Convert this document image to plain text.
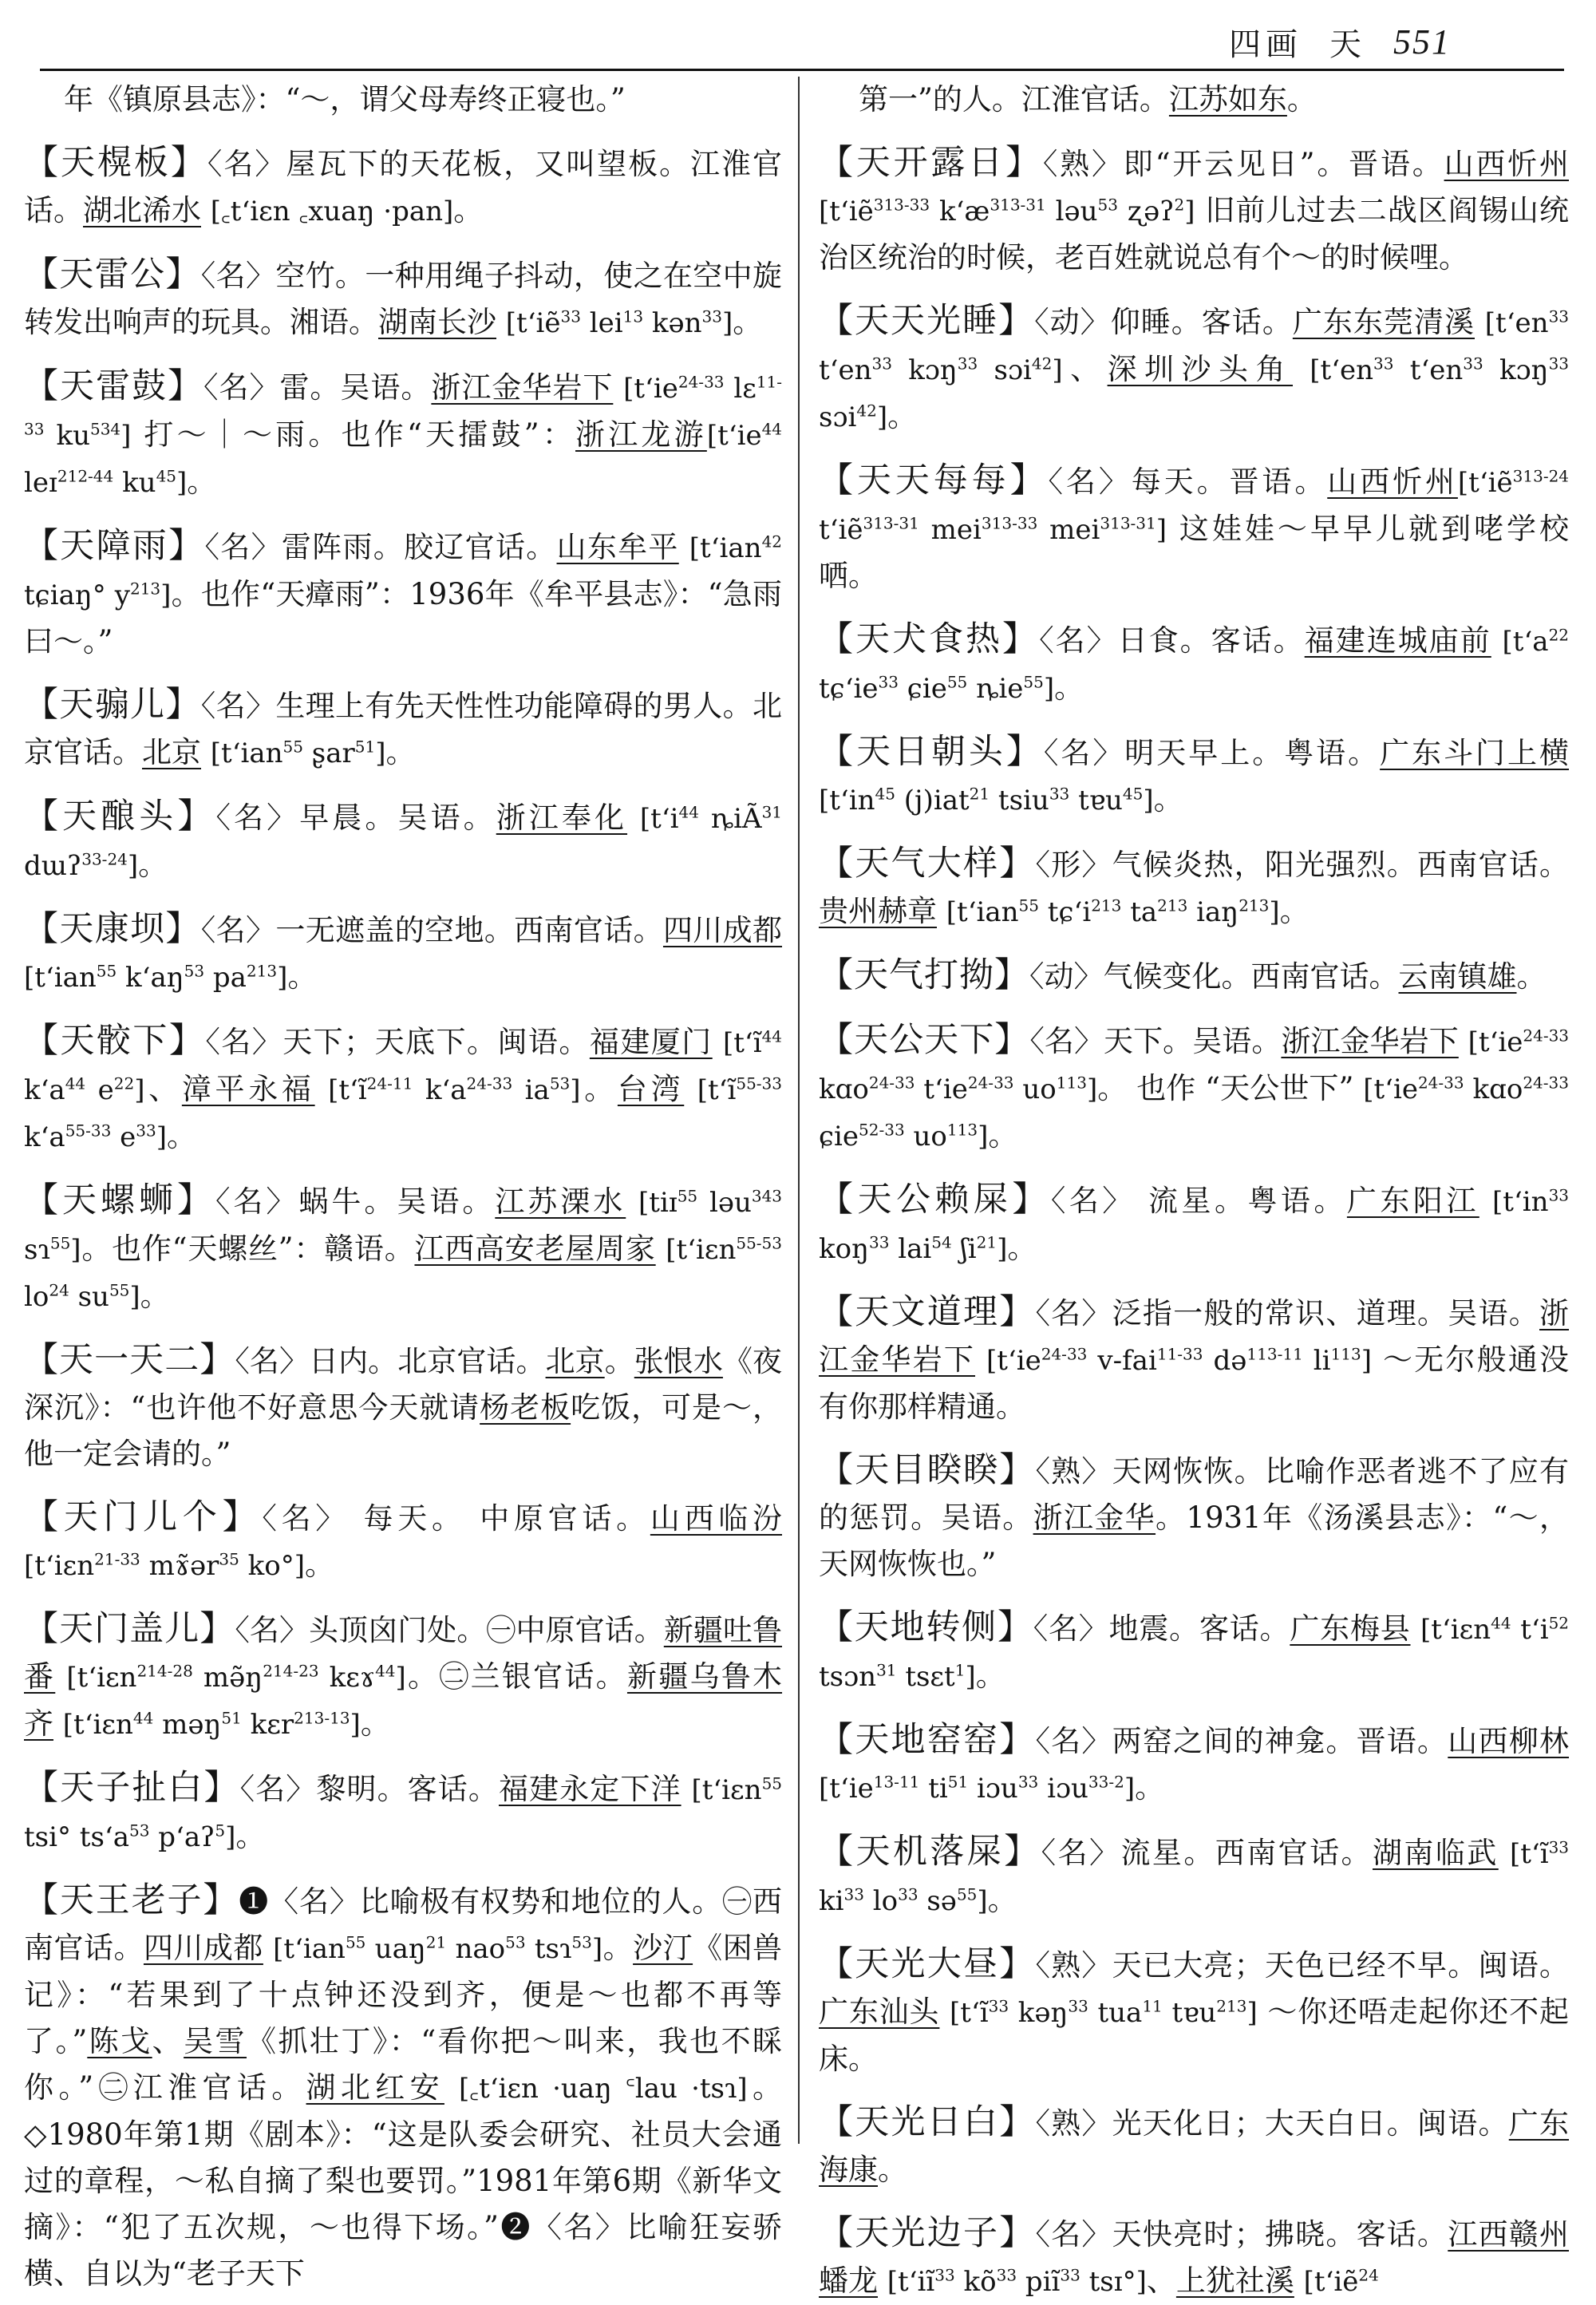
四画 天 551

年《镇原县志》：“～，谓父母寿终正寝也。”

【天榥板】〈名〉屋瓦下的天花板，又叫望板。江淮官话。湖北浠水 [꜀t‘iɛn ꜀xuaŋ ·pan]。

【天雷公】〈名〉空竹。一种用绳子抖动，使之在空中旋转发出响声的玩具。湘语。湖南长沙 [t‘iẽ$^{33}$ lei$^{13}$ kən$^{33}$]。

【天雷鼓】〈名〉雷。吴语。浙江金华岩下 [$t‘ie^{24-33}$ lɛ$^{11-33}$ $ku^{534}$] 打～｜～雨。也作“天擂鼓”：浙江龙游[$t‘ie^{44}$ leɪ$^{212-44}$ $ku^{45}$]。

【天障雨】〈名〉雷阵雨。胶辽官话。山东牟平 [t‘ian$^{42}$ tɕiaŋ° $y^{213}$]。也作“天瘴雨”：1936年《牟平县志》：“急雨曰～。”

【天骟儿】〈名〉生理上有先天性性功能障碍的男人。北京官话。北京 [t‘ian$^{55}$ ʂar$^{51}$]。

【天酿头】〈名〉早晨。吴语。浙江奉化 [$t‘i^{44}$ ȵiÃ$^{31}$ dɯʔ$^{33-24}$]。

【天康坝】〈名〉一无遮盖的空地。西南官话。四川成都 [t‘ian$^{55}$ $k‘aŋ^{53}$ $pa^{213}$]。

【天骹下】〈名〉天下；天底下。闽语。福建厦门 [$t‘ĩ^{44}$ $k‘a^{44}$ $e^{22}$]、漳平永福 [$t‘ĩ^{24-11}$ $k‘a^{24-33}$ $ia^{53}$]。台湾 [$t‘ĩ^{55-33}$ $k‘a^{55-33}$ $e^{33}$]。

【天螺蛳】〈名〉蜗牛。吴语。江苏溧水 [tiɪ$^{55}$ ləu$^{343}$ sɿ$^{55}$]。也作“天螺丝”：赣语。江西高安老屋周家 [t‘iɛn$^{55-53}$ $lo^{24}$ $su^{55}$]。

【天一天二】〈名〉日内。北京官话。北京。张恨水《夜深沉》：“也许他不好意思今天就请杨老板吃饭，可是～，他一定会请的。”

【天门儿个】〈名〉 每天。 中原官话。山西临汾 [t‘iɛn$^{21-33}$ mɤ̃ər$^{35}$ ko°]。

【天门盖儿】〈名〉头顶囟门处。㊀中原官话。新疆吐鲁番 [t‘iɛn$^{214-28}$ $mə̃ŋ^{214-23}$ kɛɤ$^{44}$]。㊁兰银官话。新疆乌鲁木齐 [t‘iɛn$^{44}$ məŋ$^{51}$ kɛr$^{213-13}$]。

【天子扯白】〈名〉黎明。客话。福建永定下洋 [t‘iɛn$^{55}$ tsi° $ts‘a^{53}$ p‘aʔ$^5$]。

【天王老子】❶〈名〉比喻极有权势和地位的人。㊀西南官话。四川成都 [t‘ian$^{55}$ uaŋ$^{21}$ nao$^{53}$ tsɿ$^{53}$]。沙汀《困兽记》：“若果到了十点钟还没到齐，便是～也都不再等了。”陈戈、吴雪《抓壮丁》：“看你把～叫来，我也不睬你。”㊁江淮官话。湖北红安 [꜀t‘iɛn ·uaŋ ꜂lau ·tsɿ]。◇1980年第1期《剧本》：“这是队委会研究、社员大会通过的章程，～私自摘了梨也要罚。”1981年第6期《新华文摘》：“犯了五次规，～也得下场。”❷〈名〉比喻狂妄骄横、自以为“老子天下

第一”的人。江淮官话。江苏如东。

【天开露日】〈熟〉即“开云见日”。晋语。山西忻州 [t‘iẽ$^{313-33}$ $k‘æ^{313-31}$ ləu$^{53}$ ʐəʔ$^2$] 旧前儿过去二战区阎锡山统治区统治的时候，老百姓就说总有个～的时候哩。

【天天光睡】〈动〉仰睡。客话。广东东莞清溪 [$t‘en^{33}$ $t‘en^{33}$ kɔŋ$^{33}$ sɔi$^{42}$]、深圳沙头角 [$t‘en^{33}$ $t‘en^{33}$ kɔŋ$^{33}$ sɔi$^{42}$]。

【天天每每】〈名〉每天。晋语。山西忻州[t‘iẽ$^{313-24}$ t‘iẽ$^{313-31}$ mei$^{313-33}$ mei$^{313-31}$] 这娃娃～早早儿就到咾学校哂。

【天犬食热】〈名〉日食。客话。福建连城庙前 [$t‘a^{22}$ $tɕ‘ie^{33}$ ɕie$^{55}$ ȵie$^{55}$]。

【天日朝头】〈名〉明天早上。粤语。广东斗门上横 [$t‘in^{45}$ (j)iat$^{21}$ tsiu$^{33}$ tɐu$^{45}$]。

【天气大样】〈形〉气候炎热，阳光强烈。西南官话。贵州赫章 [t‘ian$^{55}$ $tɕ‘i^{213}$ $ta^{213}$ iaŋ$^{213}$]。

【天气打拗】〈动〉气候变化。西南官话。云南镇雄。

【天公天下】〈名〉天下。吴语。浙江金华岩下 [$t‘ie^{24-33}$ kɑo$^{24-33}$ $t‘ie^{24-33}$ $uo^{113}$]。 也作 “天公世下” [$t‘ie^{24-33}$ kɑo$^{24-33}$ ɕie$^{52-33}$ $uo^{113}$]。

【天公赖屎】〈名〉 流星。粤语。广东阳江 [$t‘in^{33}$ koŋ$^{33}$ lai$^{54}$ ʃi$^{21}$]。

【天文道理】〈名〉泛指一般的常识、道理。吴语。浙江金华岩下 [$t‘ie^{24-33}$ v-fai$^{11-33}$ də$^{113-11}$ $li^{113}$] ～无尔般通没有你那样精通。

【天目睽睽】〈熟〉天网恢恢。比喻作恶者逃不了应有的惩罚。吴语。浙江金华。1931年《汤溪县志》：“～，天网恢恢也。”

【天地转侧】〈名〉地震。客话。广东梅县 [t‘iɛn$^{44}$ $t‘i^{52}$ tsɔn$^{31}$ tsɛt$^1$]。

【天地窑窑】〈名〉两窑之间的神龛。晋语。山西柳林 [$t‘ie^{13-11}$ $ti^{51}$ iɔu$^{33}$ iɔu$^{33-2}$]。

【天机落屎】〈名〉流星。西南官话。湖南临武 [$t‘ĩ^{33}$ $ki^{33}$ $lo^{33}$ sə$^{55}$]。

【天光大昼】〈熟〉天已大亮；天色已经不早。闽语。广东汕头 [$t‘ĩ^{33}$ kəŋ$^{33}$ tua$^{11}$ tɐu$^{213}$] ～你还唔走起你还不起床。

【天光日白】〈熟〉光天化日；大天白日。闽语。广东海康。

【天光边子】〈名〉天快亮时；拂晓。客话。江西赣州蟠龙 [$t‘iĩ^{33}$ $kõ^{33}$ piĩ$^{33}$ tsɪ°]、上犹社溪 [t‘iẽ$^{24}$
